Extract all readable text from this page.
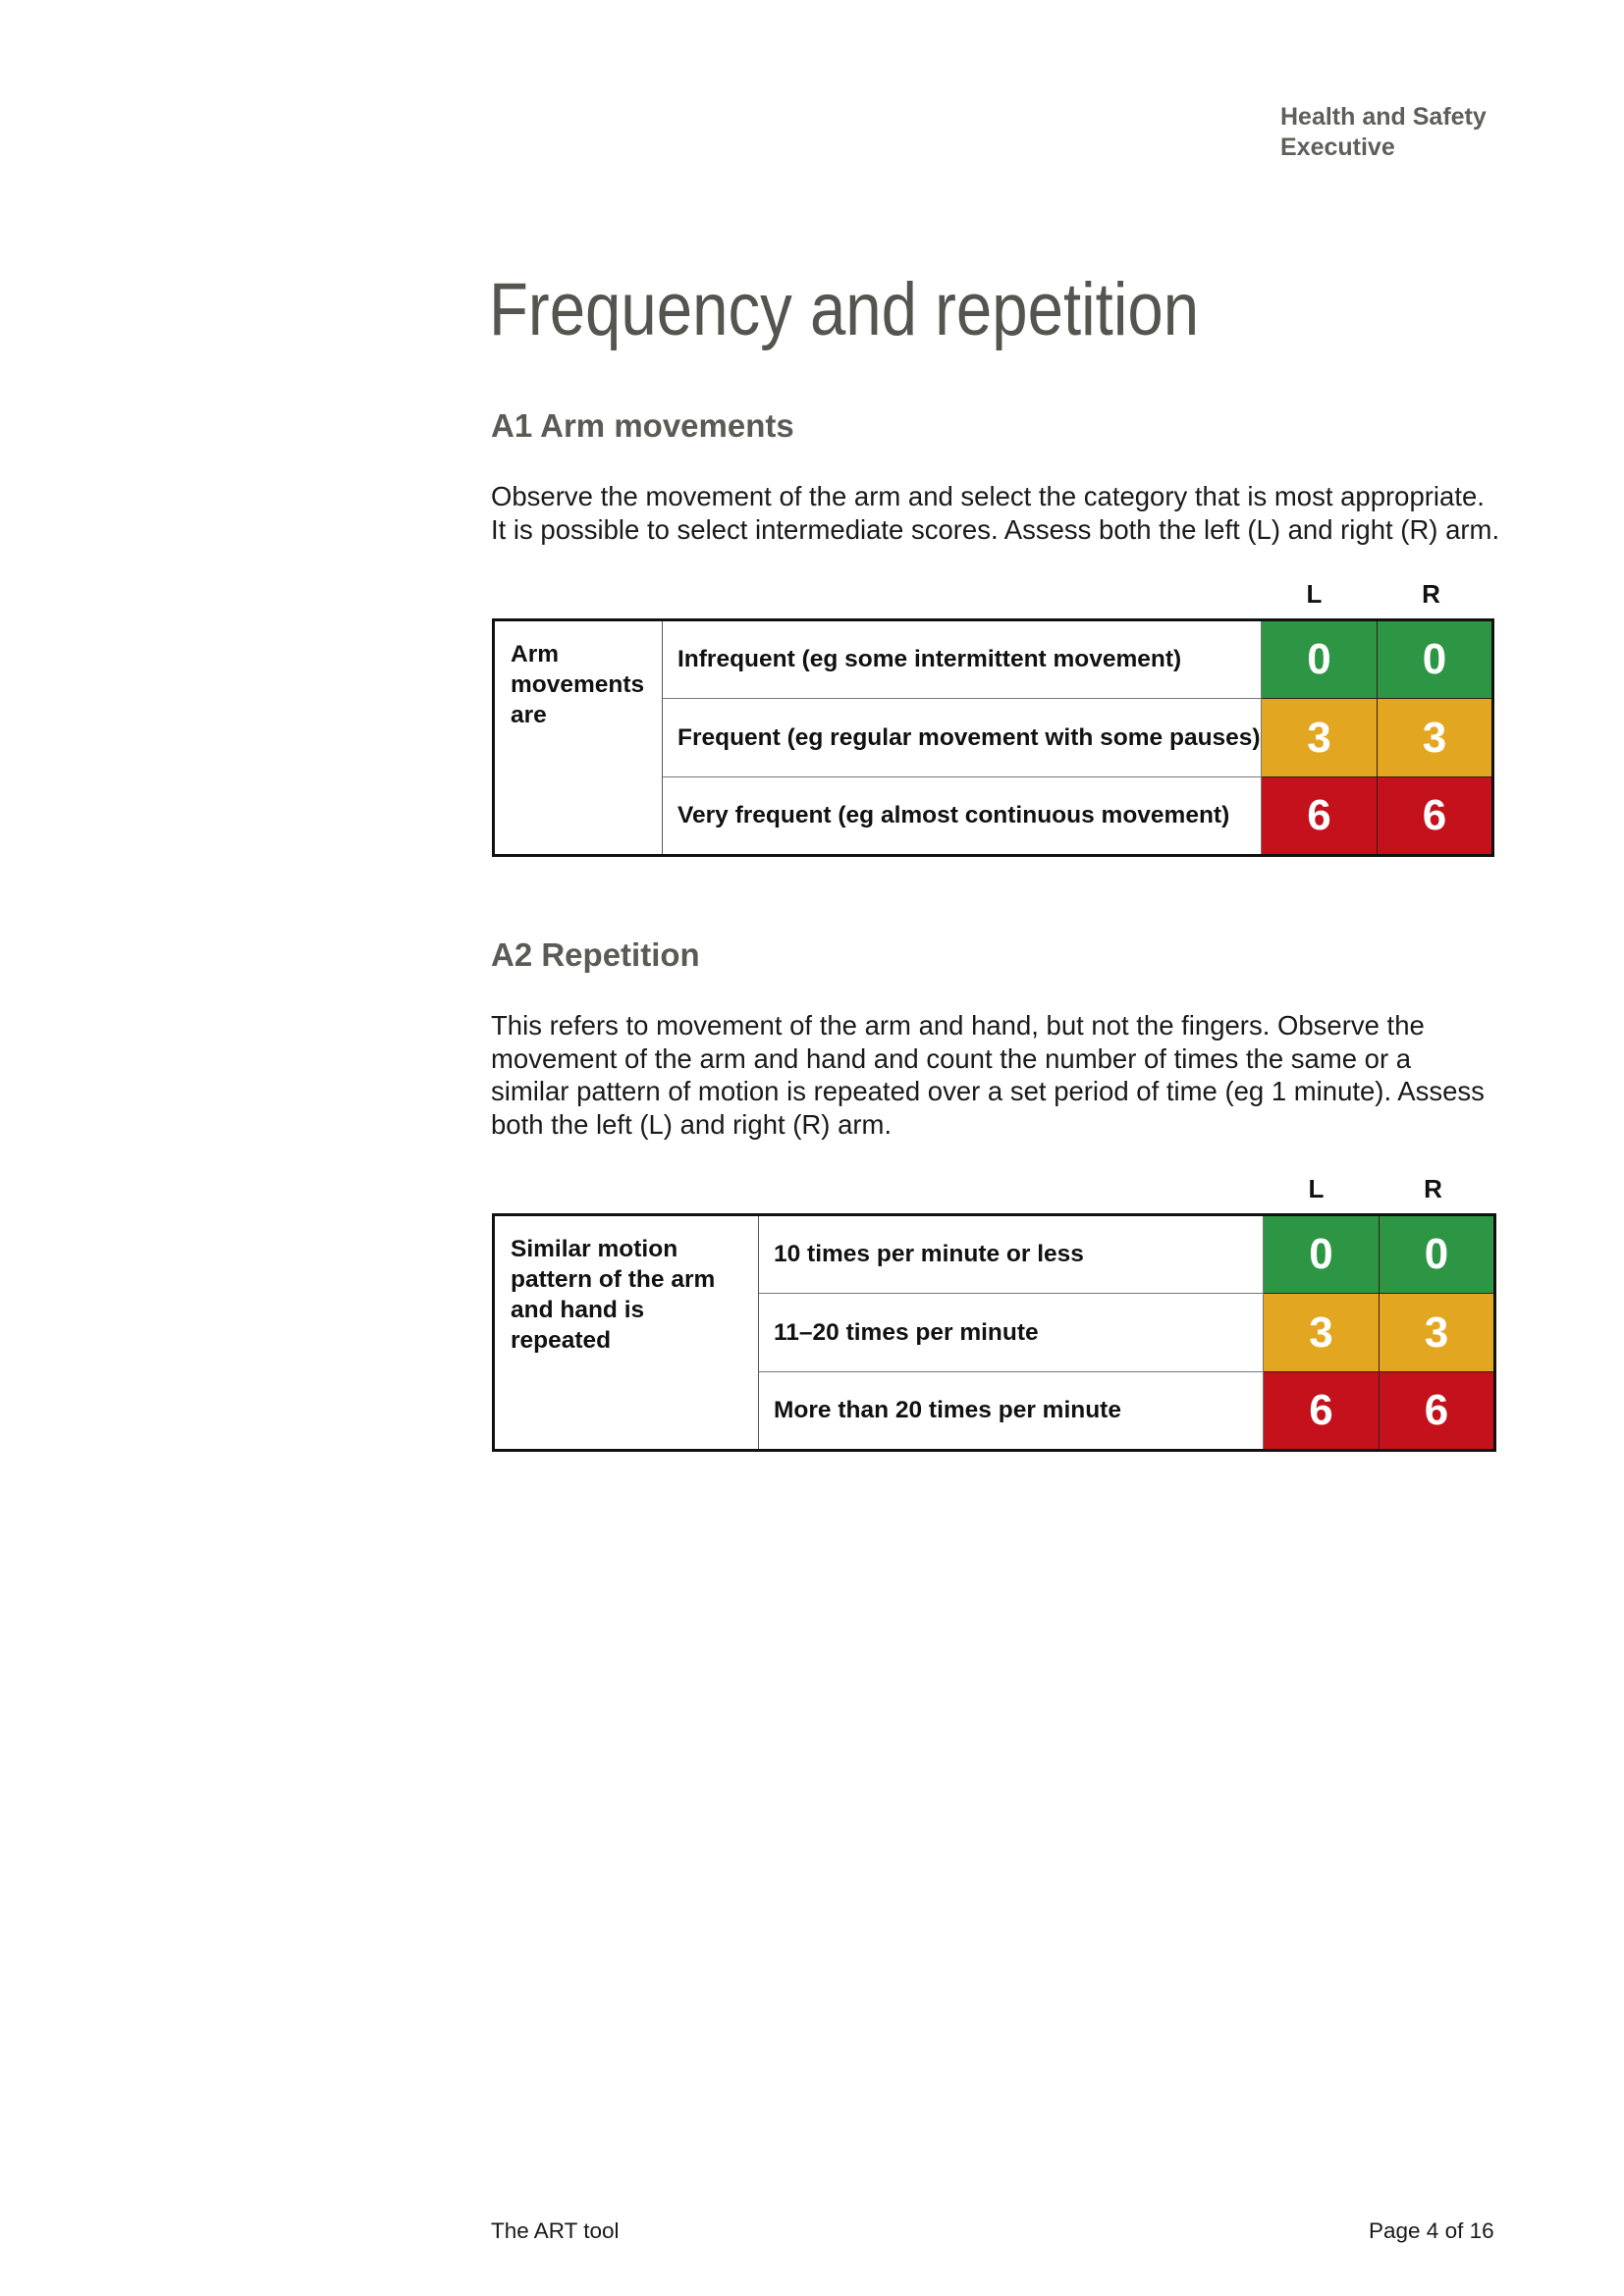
Health and Safety
Executive
Frequency and repetition
A1 Arm movements
Observe the movement of the arm and select the category that is most appropriate.
It is possible to select intermediate scores. Assess both the left (L) and right (R) arm.
L	R
Arm movements are	Infrequent (eg some intermittent movement)	0	0
	Frequent (eg regular movement with some pauses)	3	3
	Very frequent (eg almost continuous movement)	6	6
A2 Repetition
This refers to movement of the arm and hand, but not the fingers. Observe the
movement of the arm and hand and count the number of times the same or a
similar pattern of motion is repeated over a set period of time (eg 1 minute). Assess
both the left (L) and right (R) arm.
L	R
Similar motion pattern of the arm and hand is repeated	10 times per minute or less	0	0
	11–20 times per minute	3	3
	More than 20 times per minute	6	6
The ART tool	Page 4 of 16
